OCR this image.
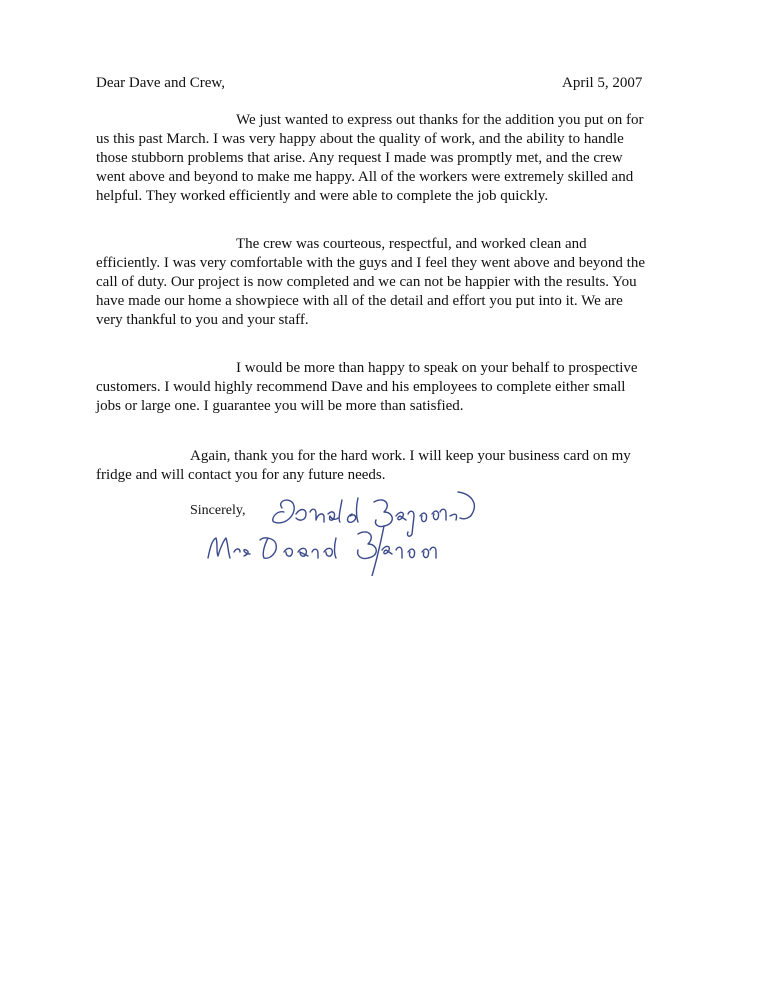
Dear Dave and Crew,	April 5, 2007

We just wanted to express out thanks for the addition you put on for us this past March. I was very happy about the quality of work, and the ability to handle those stubborn problems that arise. Any request I made was promptly met, and the crew went above and beyond to make me happy. All of the workers were extremely skilled and helpful. They worked efficiently and were able to complete the job quickly.

The crew was courteous, respectful, and worked clean and efficiently. I was very comfortable with the guys and I feel they went above and beyond the call of duty. Our project is now completed and we can not be happier with the results. You have made our home a showpiece with all of the detail and effort you put into it. We are very thankful to you and your staff.

I would be more than happy to speak on your behalf to prospective customers. I would highly recommend Dave and his employees to complete either small jobs or large one. I guarantee you will be more than satisfied.

Again, thank you for the hard work. I will keep your business card on my fridge and will contact you for any future needs.

Sincerely,
